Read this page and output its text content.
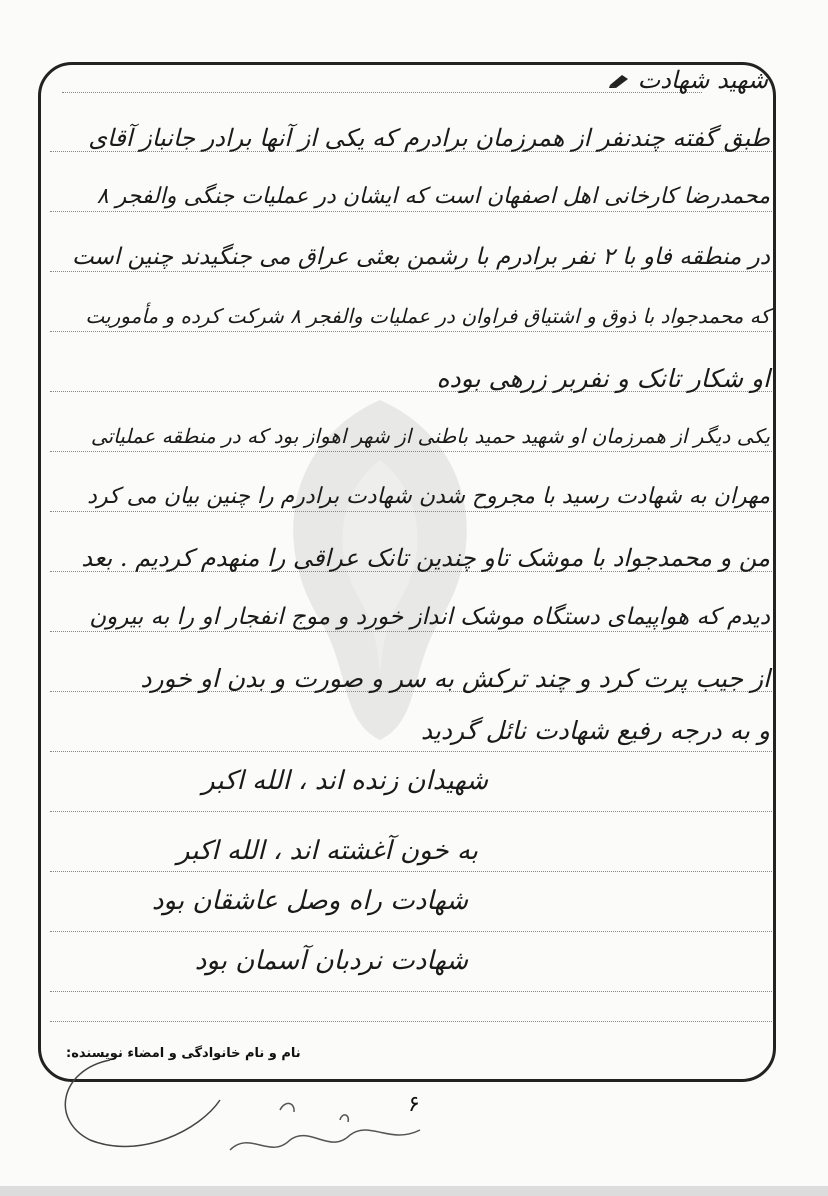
شهید شهادت
طبق گفته چندنفر از همرزمان برادرم که یکی از آنها برادر جانباز آقای
محمدرضا کارخانی اهل اصفهان است که ایشان در عملیات جنگی والفجر ۸
در منطقه فاو با ۲ نفر برادرم با رشمن بعثی عراق می جنگیدند چنین است
که محمدجواد با ذوق و اشتیاق فراوان در عملیات والفجر ۸ شرکت کرده و مأموریت
او شکار تانک و نفربر زرهی بوده
یکی دیگر از همرزمان او شهید حمید باطنی از شهر اهواز بود که در منطقه عملیاتی
مهران به شهادت رسید با مجروح شدن شهادت برادرم را چنین بیان می کرد
من و محمدجواد با موشک تاو چندین تانک عراقی را منهدم کردیم . بعد
دیدم که هواپیمای دستگاه موشک انداز خورد و موج انفجار او را به بیرون
از جیب پرت کرد و چند ترکش به سر و صورت و بدن او خورد
و به درجه رفیع شهادت نائل گردید
شهیدان زنده اند ، الله اکبر
به خون آغشته اند ، الله اکبر
شهادت راه وصل عاشقان بود
شهادت نردبان آسمان بود
نام و نام خانوادگی و امضاء نویسنده:
۶
